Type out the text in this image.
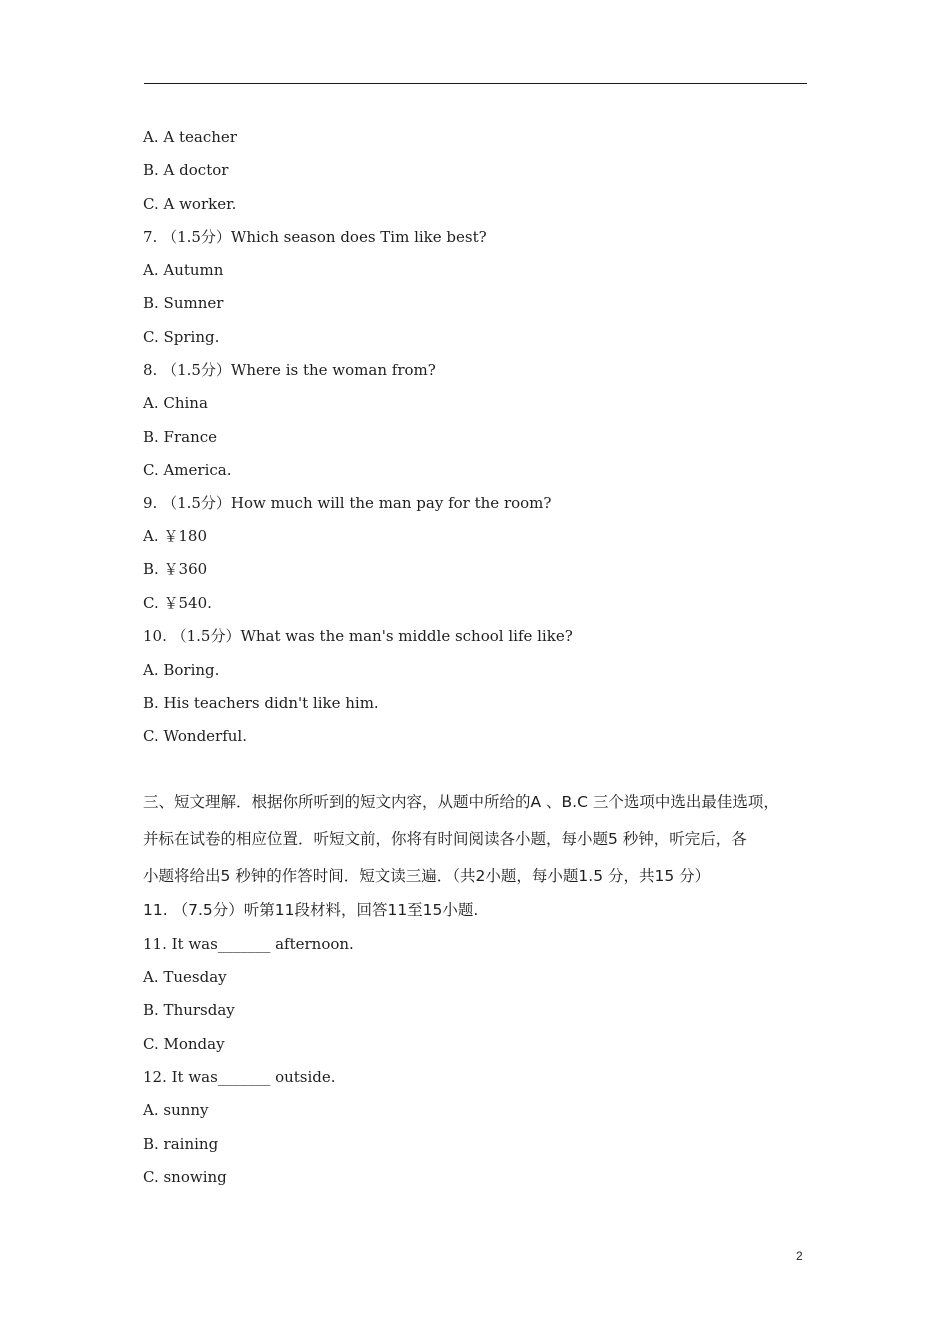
A. A teacher
B. A doctor
C. A worker.
7. （1.5分）Which season does Tim like best?
A. Autumn
B. Sumner
C. Spring.
8. （1.5分）Where is the woman from?
A. China
B. France
C. America.
9. （1.5分）How much will the man pay for the room?
A. ￥180
B. ￥360
C. ￥540.
10. （1.5分）What was the man's middle school life like?
A. Boring.
B. His teachers didn't like him.
C. Wonderful.
三、短文理解．根据你所听到的短文内容，从题中所给的A 、B.C 三个选项中选出最佳选项，
并标在试卷的相应位置．听短文前，你将有时间阅读各小题，每小题5 秒钟，听完后，各
小题将给出5 秒钟的作答时间．短文读三遍．（共2小题，每小题1.5 分，共15 分）
11. （7.5分）听第11段材料，回答11至15小题.
11. It was_______ afternoon.
A. Tuesday
B. Thursday
C. Monday
12. It was_______ outside.
A. sunny
B. raining
C. snowing
2
